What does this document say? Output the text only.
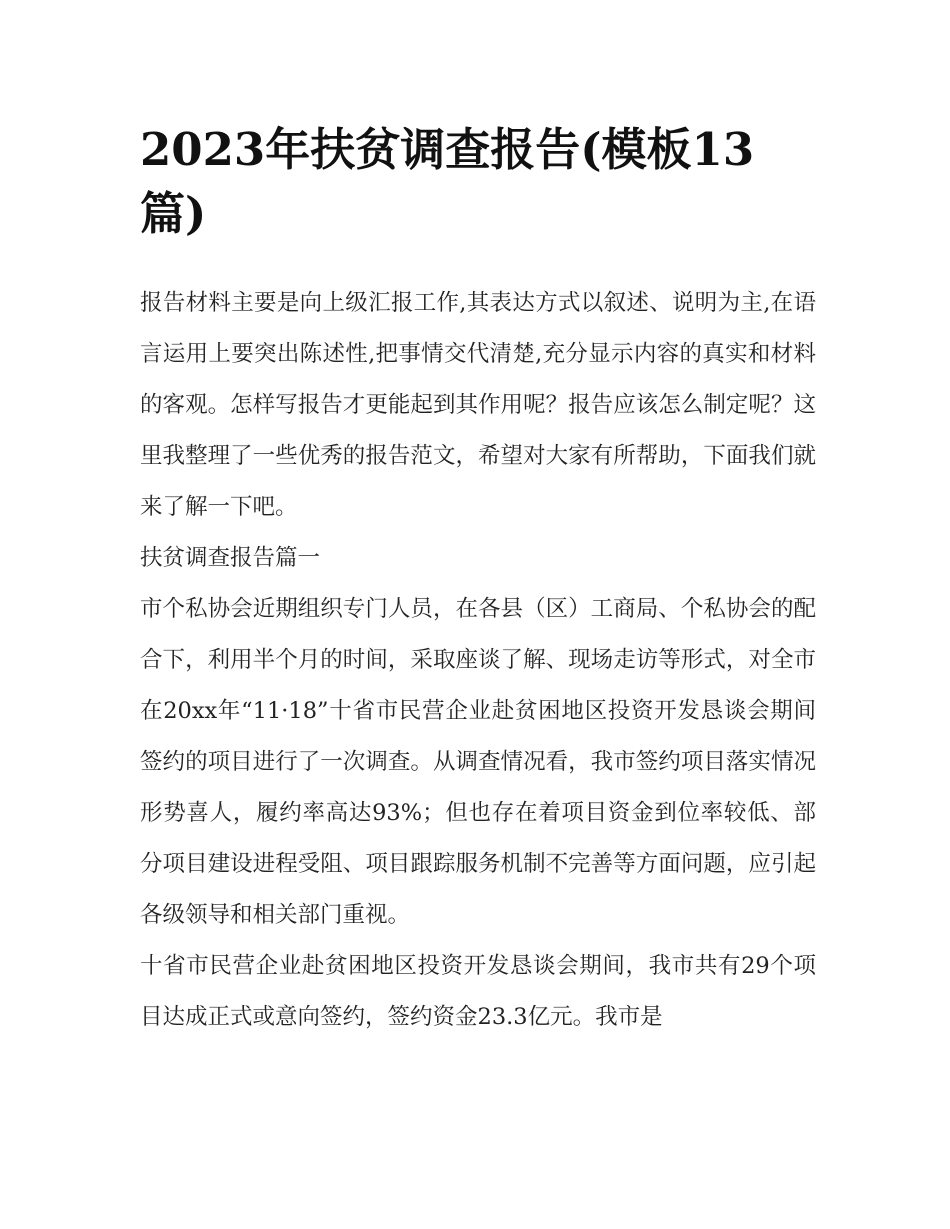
2023年扶贫调查报告(模板13篇)

报告材料主要是向上级汇报工作,其表达方式以叙述、说明为主,在语言运用上要突出陈述性,把事情交代清楚,充分显示内容的真实和材料的客观。怎样写报告才更能起到其作用呢？报告应该怎么制定呢？这里我整理了一些优秀的报告范文，希望对大家有所帮助，下面我们就来了解一下吧。

扶贫调查报告篇一

市个私协会近期组织专门人员，在各县（区）工商局、个私协会的配合下，利用半个月的时间，采取座谈了解、现场走访等形式，对全市在20xx年“11·18”十省市民营企业赴贫困地区投资开发恳谈会期间签约的项目进行了一次调查。从调查情况看，我市签约项目落实情况形势喜人，履约率高达93%；但也存在着项目资金到位率较低、部分项目建设进程受阻、项目跟踪服务机制不完善等方面问题，应引起各级领导和相关部门重视。

十省市民营企业赴贫困地区投资开发恳谈会期间，我市共有29个项目达成正式或意向签约，签约资金23.3亿元。我市是
